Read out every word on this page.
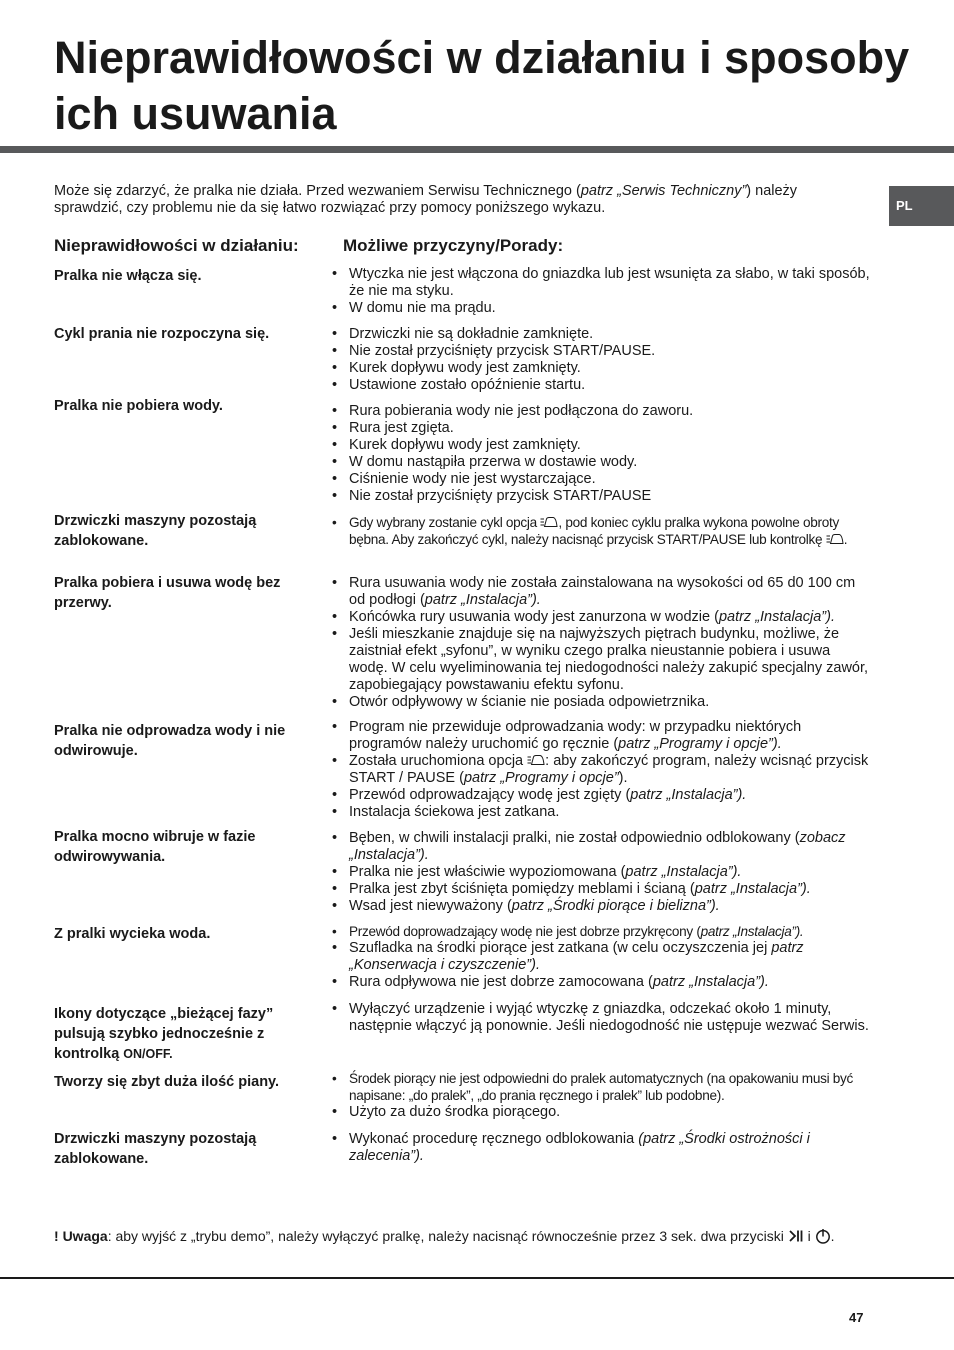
Nieprawidłowości w działaniu i sposoby ich usuwania
PL

Może się zdarzyć, że pralka nie działa. Przed wezwaniem Serwisu Technicznego (patrz „Serwis Techniczny”) należy sprawdzić, czy problemu nie da się łatwo rozwiązać przy pomocy poniższego wykazu.

Nieprawidłowości w działaniu:	Możliwe przyczyny/Porady:

Pralka nie włącza się.	• Wtyczka nie jest włączona do gniazdka lub jest wsunięta za słabo, w taki sposób, że nie ma styku.
• W domu nie ma prądu.

Cykl prania nie rozpoczyna się.	• Drzwiczki nie są dokładnie zamknięte.
• Nie został przyciśnięty przycisk START/PAUSE.
• Kurek dopływu wody jest zamknięty.
• Ustawione zostało opóźnienie startu.

Pralka nie pobiera wody.	• Rura pobierania wody nie jest podłączona do zaworu.
• Rura jest zgięta.
• Kurek dopływu wody jest zamknięty.
• W domu nastąpiła przerwa w dostawie wody.
• Ciśnienie wody nie jest wystarczające.
• Nie został przyciśnięty przycisk START/PAUSE

Drzwiczki maszyny pozostają zablokowane.

• Gdy wybrany zostanie cykl opcja , pod koniec cyklu pralka wykona powolne obroty bębna. Aby zakończyć cykl, należy nacisnąć przycisk START/PAUSE lub kontrolkę .

Pralka pobiera i usuwa wodę bez przerwy.

• Rura usuwania wody nie została zainstalowana na wysokości od 65 d0 100 cm od podłogi (patrz „Instalacja”).
• Końcówka rury usuwania wody jest zanurzona w wodzie (patrz „Instalacja”).
• Jeśli mieszkanie znajduje się na najwyższych piętrach budynku, możliwe, że zaistniał efekt „syfonu”, w wyniku czego pralka nieustannie pobiera i usuwa wodę. W celu wyeliminowania tej niedogodności należy zakupić specjalny zawór, zapobiegający powstawaniu efektu syfonu.
• Otwór odpływowy w ścianie nie posiada odpowietrznika.

Pralka nie odprowadza wody i nie odwirowuje.

• Program nie przewiduje odprowadzania wody: w przypadku niektórych programów należy uruchomić go ręcznie (patrz „Programy i opcje”).
• Została uruchomiona opcja : aby zakończyć program, należy wcisnąć przycisk START / PAUSE (patrz „Programy i opcje”).
• Przewód odprowadzający wodę jest zgięty (patrz „Instalacja”).
• Instalacja ściekowa jest zatkana.

Pralka mocno wibruje w fazie odwirowywania.

• Bęben, w chwili instalacji pralki, nie został odpowiednio odblokowany (zobacz „Instalacja”).
• Pralka nie jest właściwie wypoziomowana (patrz „Instalacja”).
• Pralka jest zbyt ściśnięta pomiędzy meblami i ścianą (patrz „Instalacja”).
• Wsad jest niewyważony (patrz „Środki piorące i bielizna”).

Z pralki wycieka woda.	• Przewód doprowadzający wodę nie jest dobrze przykręcony (patrz „Instalacja”).
• Szufladka na środki piorące jest zatkana (w celu oczyszczenia jej patrz „Konserwacja i czyszczenie”).
• Rura odpływowa nie jest dobrze zamocowana (patrz „Instalacja”).

Ikony dotyczące „bieżącej fazy” pulsują szybko jednocześnie z kontrolką ON/OFF.

• Wyłączyć urządzenie i wyjąć wtyczkę z gniazdka, odczekać około 1 minuty, następnie włączyć ją ponownie. Jeśli niedogodność nie ustępuje wezwać Serwis.

Tworzy się zbyt duża ilość piany.	• Środek piorący nie jest odpowiedni do pralek automatycznych (na opakowaniu musi być napisane: „do pralek”, „do prania ręcznego i pralek” lub podobne).
• Użyto za dużo środka piorącego.

Drzwiczki maszyny pozostają zablokowane.

• Wykonać procedurę ręcznego odblokowania (patrz „Środki ostrożności i zalecenia”).

! Uwaga: aby wyjść z „trybu demo”, należy wyłączyć pralkę, należy nacisnąć równocześnie przez 3 sek. dwa przyciski i .

47
